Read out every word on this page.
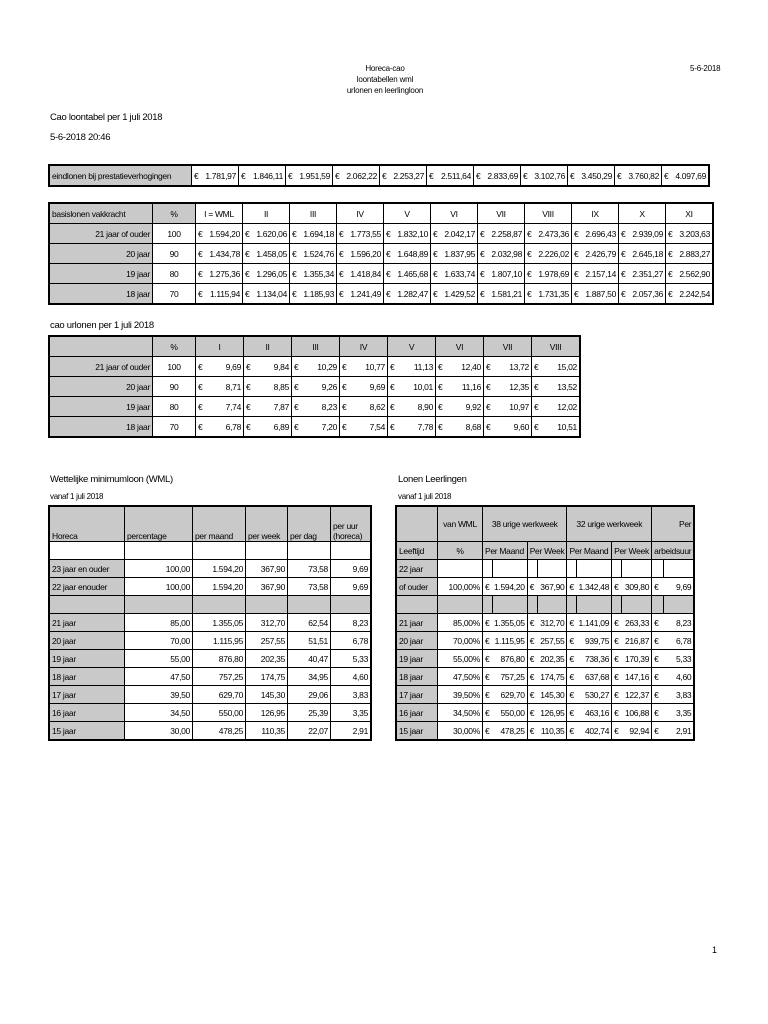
Horeca-cao
loontabellen wml
urlonen en leerlingloon
5-6-2018
Cao loontabel per 1 juli 2018
5-6-2018 20:46
eindlonen bij prestatieverhogingen	€	1.781,97	€	1.846,11	€	1.951,59	€	2.062,22	€	2.253,27	€	2.511,64	€	2.833,69	€	3.102,76	€	3.450,29	€	3.760,82	€	4.097,69
basislonen vakkracht	%	I = WML		II		III		IV		V		VI		VII		VIII		IX		X		XI	
21 jaar of ouder	100	€	1.594,20	€	1.620,06	€	1.694,18	€	1.773,55	€	1.832,10	€	2.042,17	€	2.258,87	€	2.473,36	€	2.696,43	€	2.939,09	€	3.203,63
20 jaar	90	€	1.434,78	€	1.458,05	€	1.524,76	€	1.596,20	€	1.648,89	€	1.837,95	€	2.032,98	€	2.226,02	€	2.426,79	€	2.645,18	€	2.883,27
19 jaar	80	€	1.275,36	€	1.296,05	€	1.355,34	€	1.418,84	€	1.465,68	€	1.633,74	€	1.807,10	€	1.978,69	€	2.157,14	€	2.351,27	€	2.562,90
18 jaar	70	€	1.115,94	€	1.134,04	€	1.185,93	€	1.241,49	€	1.282,47	€	1.429,52	€	1.581,21	€	1.731,35	€	1.887,50	€	2.057,36	€	2.242,54
cao urlonen per 1 juli 2018
	%	I		II		III		IV		V		VI		VII		VIII	
21 jaar of ouder	100	€	9,69	€	9,84	€	10,29	€	10,77	€	11,13	€	12,40	€	13,72	€	15,02
20 jaar	90	€	8,71	€	8,85	€	9,26	€	9,69	€	10,01	€	11,16	€	12,35	€	13,52
19 jaar	80	€	7,74	€	7,87	€	8,23	€	8,62	€	8,90	€	9,92	€	10,97	€	12,02
18 jaar	70	€	6,78	€	6,89	€	7,20	€	7,54	€	7,78	€	8,68	€	9,60	€	10,51
Wettelijke minimumloon (WML)
vanaf 1 juli 2018
Horeca	percentage	per maand	per week	per dag	per uur (horeca)

23 jaar en ouder	100,00	1.594,20	367,90	73,58	9,69
22 jaar enouder	100,00	1.594,20	367,90	73,58	9,69

21 jaar	85,00	1.355,05	312,70	62,54	8,23
20 jaar	70,00	1.115,95	257,55	51,51	6,78
19 jaar	55,00	876,80	202,35	40,47	5,33
18 jaar	47,50	757,25	174,75	34,95	4,60
17 jaar	39,50	629,70	145,30	29,06	3,83
16 jaar	34,50	550,00	126,95	25,39	3,35
15 jaar	30,00	478,25	110,35	22,07	2,91
Lonen Leerlingen
vanaf 1 juli 2018
	van WML	38 urige werkweek				32 urige werkweek				Per	
Leeftijd	%	Per Maand		Per Week		Per Maand		Per Week		arbeidsuur	
22 jaar											
of ouder	100,00%	€	1.594,20	€	367,90	€	1.342,48	€	309,80	€	9,69

21 jaar	85,00%	€	1.355,05	€	312,70	€	1.141,09	€	263,33	€	8,23
20 jaar	70,00%	€	1.115,95	€	257,55	€	939,75	€	216,87	€	6,78
19 jaar	55,00%	€	876,80	€	202,35	€	738,36	€	170,39	€	5,33
18 jaar	47,50%	€	757,25	€	174,75	€	637,68	€	147,16	€	4,60
17 jaar	39,50%	€	629,70	€	145,30	€	530,27	€	122,37	€	3,83
16 jaar	34,50%	€	550,00	€	126,95	€	463,16	€	106,88	€	3,35
15 jaar	30,00%	€	478,25	€	110,35	€	402,74	€	92,94	€	2,91
1
